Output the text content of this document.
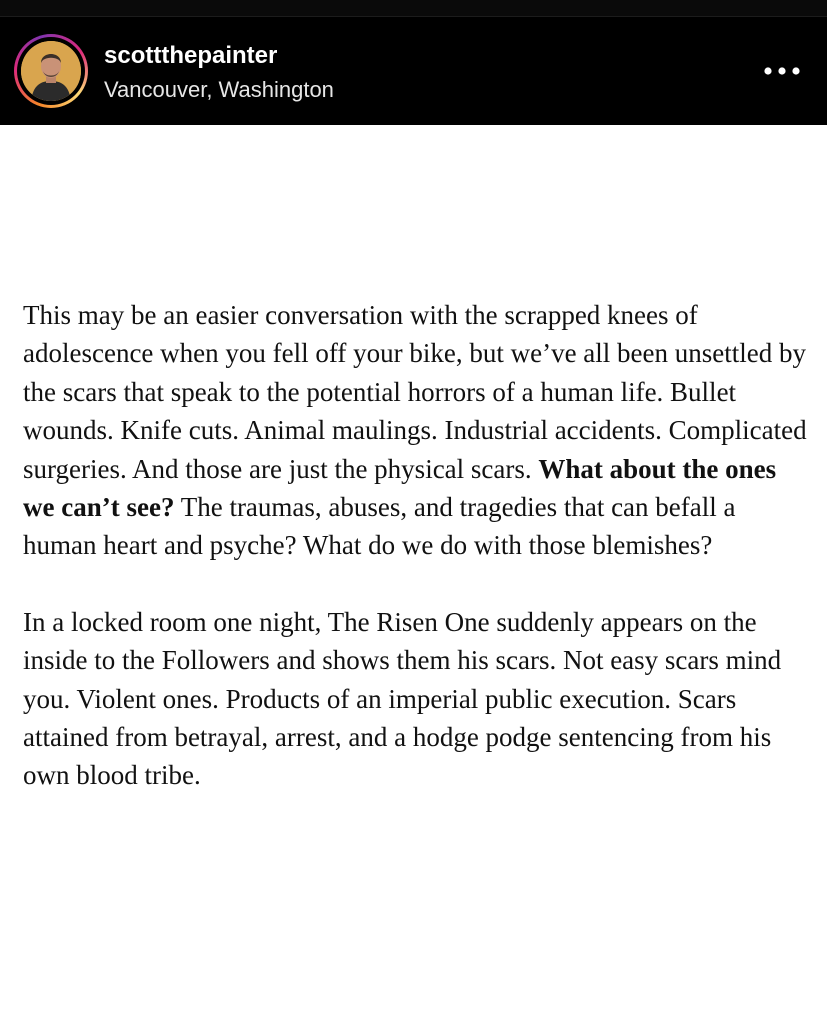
scottthepainter
Vancouver, Washington

This may be an easier conversation with the scrapped knees of adolescence when you fell off your bike, but we’ve all been unsettled by the scars that speak to the potential horrors of a human life. Bullet wounds. Knife cuts. Animal maulings. Industrial accidents. Complicated surgeries. And those are just the physical scars. What about the ones we can’t see? The traumas, abuses, and tragedies that can befall a human heart and psyche? What do we do with those blemishes?

In a locked room one night, The Risen One suddenly appears on the inside to the Followers and shows them his scars. Not easy scars mind you. Violent ones. Products of an imperial public execution. Scars attained from betrayal, arrest, and a hodge podge sentencing from his own blood tribe.
